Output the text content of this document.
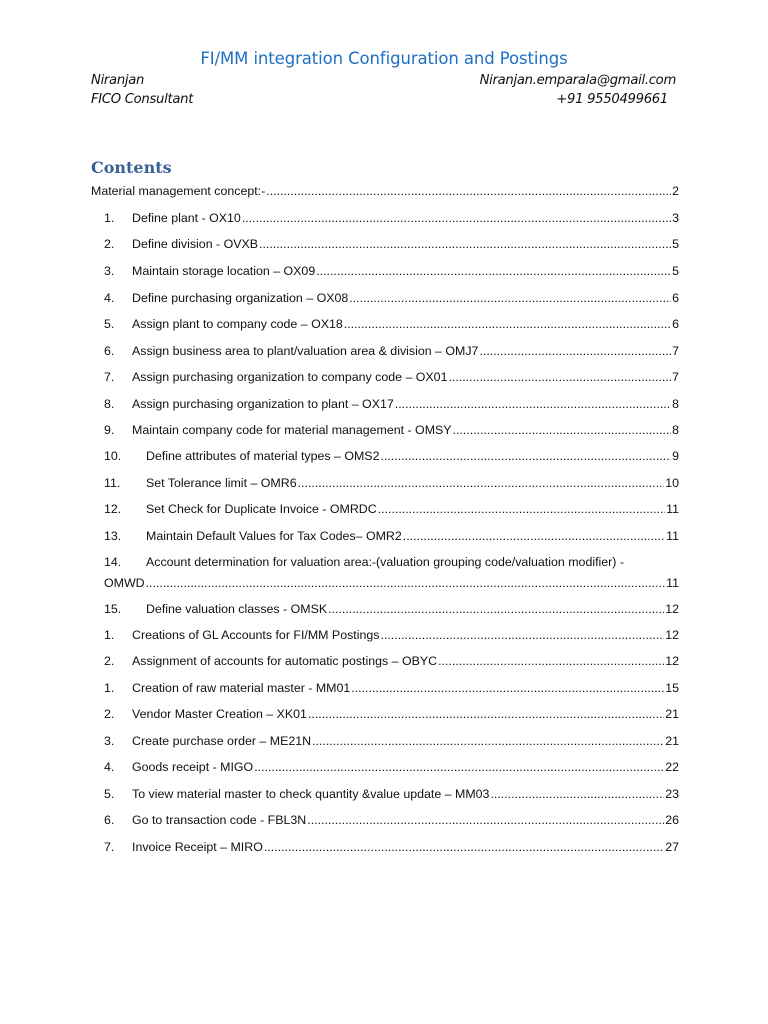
FI/MM integration Configuration and Postings
Niranjan
FICO Consultant
Niranjan.emparala@gmail.com
+91 9550499661
Contents
Material management concept:- .....	2
1.	Define plant - OX10 .....	3
2.	Define division - OVXB .....	5
3.	Maintain storage location – OX09 .....	5
4.	Define purchasing organization – OX08 .....	6
5.	Assign plant to company code – OX18 .....	6
6.	Assign business area to plant/valuation area & division – OMJ7 .....	7
7.	Assign purchasing organization to company code – OX01 .....	7
8.	Assign purchasing organization to plant – OX17 .....	8
9.	Maintain company code for material management - OMSY .....	8
10.	Define attributes of material types – OMS2 .....	9
11.	Set Tolerance limit – OMR6 .....	10
12.	Set Check for Duplicate Invoice - OMRDC .....	11
13.	Maintain Default Values for Tax Codes– OMR2 .....	11
14. Account determination for valuation area:-(valuation grouping code/valuation modifier) -
OMWD .....	11
15.	Define valuation classes - OMSK .....	12
1.	Creations of GL Accounts for FI/MM Postings .....	12
2.	Assignment of accounts for automatic postings – OBYC .....	12
1.	Creation of raw material master - MM01 .....	15
2.	Vendor Master Creation – XK01 .....	21
3.	Create purchase order – ME21N .....	21
4.	Goods receipt - MIGO .....	22
5.	To view material master to check quantity &value update – MM03 .....	23
6.	Go to transaction code - FBL3N .....	26
7.	Invoice Receipt – MIRO .....	27
